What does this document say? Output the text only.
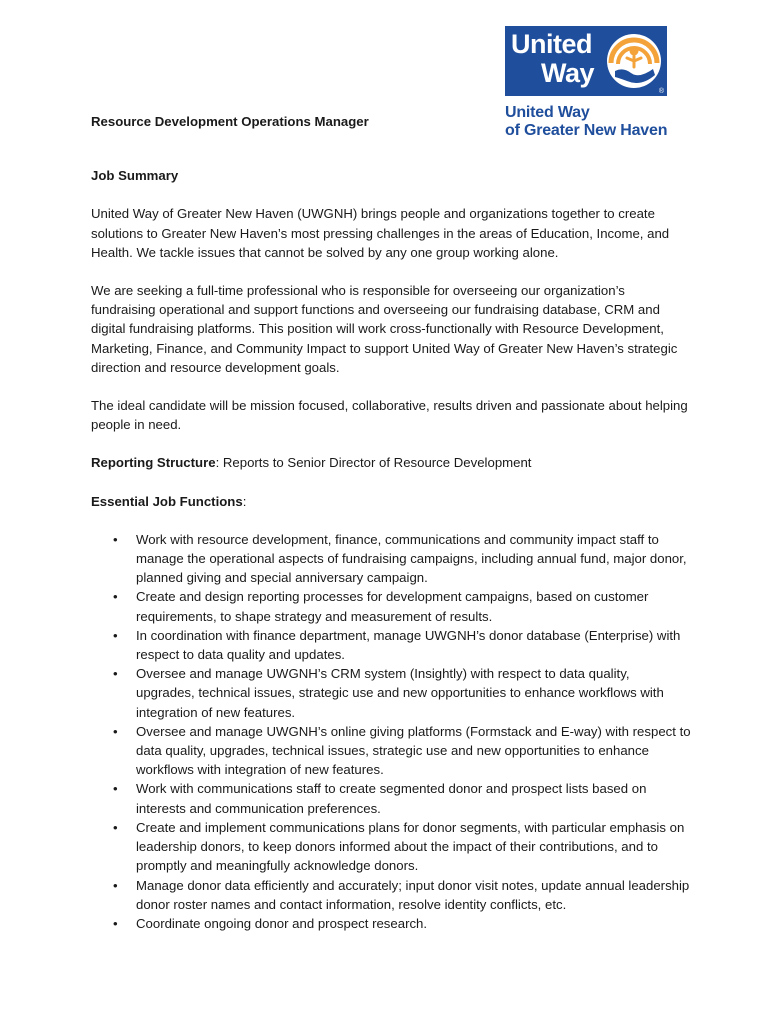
United
Way
®
United Way
of Greater New Haven

Resource Development Operations Manager

Job Summary

United Way of Greater New Haven (UWGNH) brings people and organizations together to create solutions to Greater New Haven’s most pressing challenges in the areas of Education, Income, and Health. We tackle issues that cannot be solved by any one group working alone.

We are seeking a full-time professional who is responsible for overseeing our organization’s fundraising operational and support functions and overseeing our fundraising database, CRM and digital fundraising platforms. This position will work cross-functionally with Resource Development, Marketing, Finance, and Community Impact to support United Way of Greater New Haven’s strategic direction and resource development goals.

The ideal candidate will be mission focused, collaborative, results driven and passionate about helping people in need.

Reporting Structure: Reports to Senior Director of Resource Development

Essential Job Functions:

• Work with resource development, finance, communications and community impact staff to manage the operational aspects of fundraising campaigns, including annual fund, major donor, planned giving and special anniversary campaign.
• Create and design reporting processes for development campaigns, based on customer requirements, to shape strategy and measurement of results.
• In coordination with finance department, manage UWGNH’s donor database (Enterprise) with respect to data quality and updates.
• Oversee and manage UWGNH’s CRM system (Insightly) with respect to data quality, upgrades, technical issues, strategic use and new opportunities to enhance workflows with integration of new features.
• Oversee and manage UWGNH’s online giving platforms (Formstack and E-way) with respect to data quality, upgrades, technical issues, strategic use and new opportunities to enhance workflows with integration of new features.
• Work with communications staff to create segmented donor and prospect lists based on interests and communication preferences.
• Create and implement communications plans for donor segments, with particular emphasis on leadership donors, to keep donors informed about the impact of their contributions, and to promptly and meaningfully acknowledge donors.
• Manage donor data efficiently and accurately; input donor visit notes, update annual leadership donor roster names and contact information, resolve identity conflicts, etc.
• Coordinate ongoing donor and prospect research.
